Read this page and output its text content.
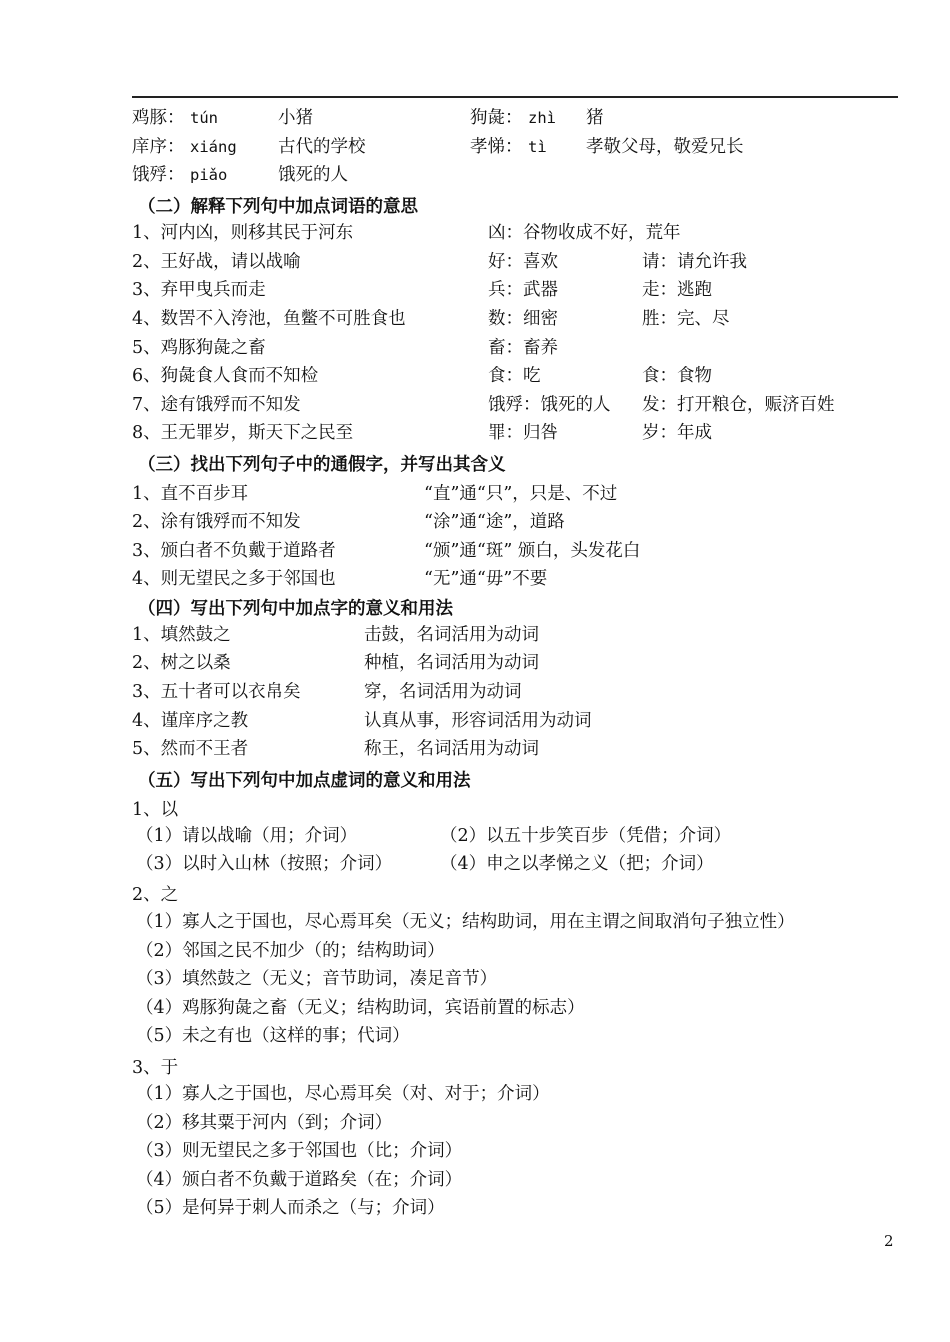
鸡豚： tún	小猪	狗彘： zhì 猪
庠序： xiáng 古代的学校	孝悌： tì 孝敬父母，敬爱兄长
饿殍： piǎo	饿死的人
（二）解释下列句中加点词语的意思
1、河内凶，则移其民于河东	凶：谷物收成不好，荒年
2、王好战，请以战喻	好：喜欢	请：请允许我
3、弃甲曳兵而走	兵：武器	走：逃跑
4、数罟不入洿池，鱼鳖不可胜食也	数：细密	胜：完、尽
5、鸡豚狗彘之畜	畜：畜养
6、狗彘食人食而不知检	食：吃	食：食物
7、途有饿殍而不知发	饿殍：饿死的人 发：打开粮仓，赈济百姓
8、王无罪岁，斯天下之民至	罪：归咎	岁：年成
（三）找出下列句子中的通假字，并写出其含义
1、直不百步耳	“直”通“只”，只是、不过
2、涂有饿殍而不知发	“涂”通“途”，道路
3、颁白者不负戴于道路者	“颁”通“斑” 颁白，头发花白
4、则无望民之多于邻国也	“无”通“毋”不要
（四）写出下列句中加点字的意义和用法
1、填然鼓之	击鼓，名词活用为动词
2、树之以桑	种植，名词活用为动词
3、五十者可以衣帛矣	穿，名词活用为动词
4、谨庠序之教	认真从事，形容词活用为动词
5、然而不王者	称王，名词活用为动词
（五）写出下列句中加点虚词的意义和用法
1、以
（1）请以战喻（用；介词）	（2）以五十步笑百步（凭借；介词）
（3）以时入山林（按照；介词）	（4）申之以孝悌之义（把；介词）
2、之
（1）寡人之于国也，尽心焉耳矣（无义；结构助词，用在主谓之间取消句子独立性）
（2）邻国之民不加少（的；结构助词）
（3）填然鼓之（无义；音节助词，凑足音节）
（4）鸡豚狗彘之畜（无义；结构助词，宾语前置的标志）
（5）未之有也（这样的事；代词）
3、于
（1）寡人之于国也，尽心焉耳矣（对、对于；介词）
（2）移其粟于河内（到；介词）
（3）则无望民之多于邻国也（比；介词）
（4）颁白者不负戴于道路矣（在；介词）
（5）是何异于刺人而杀之（与；介词）
2
